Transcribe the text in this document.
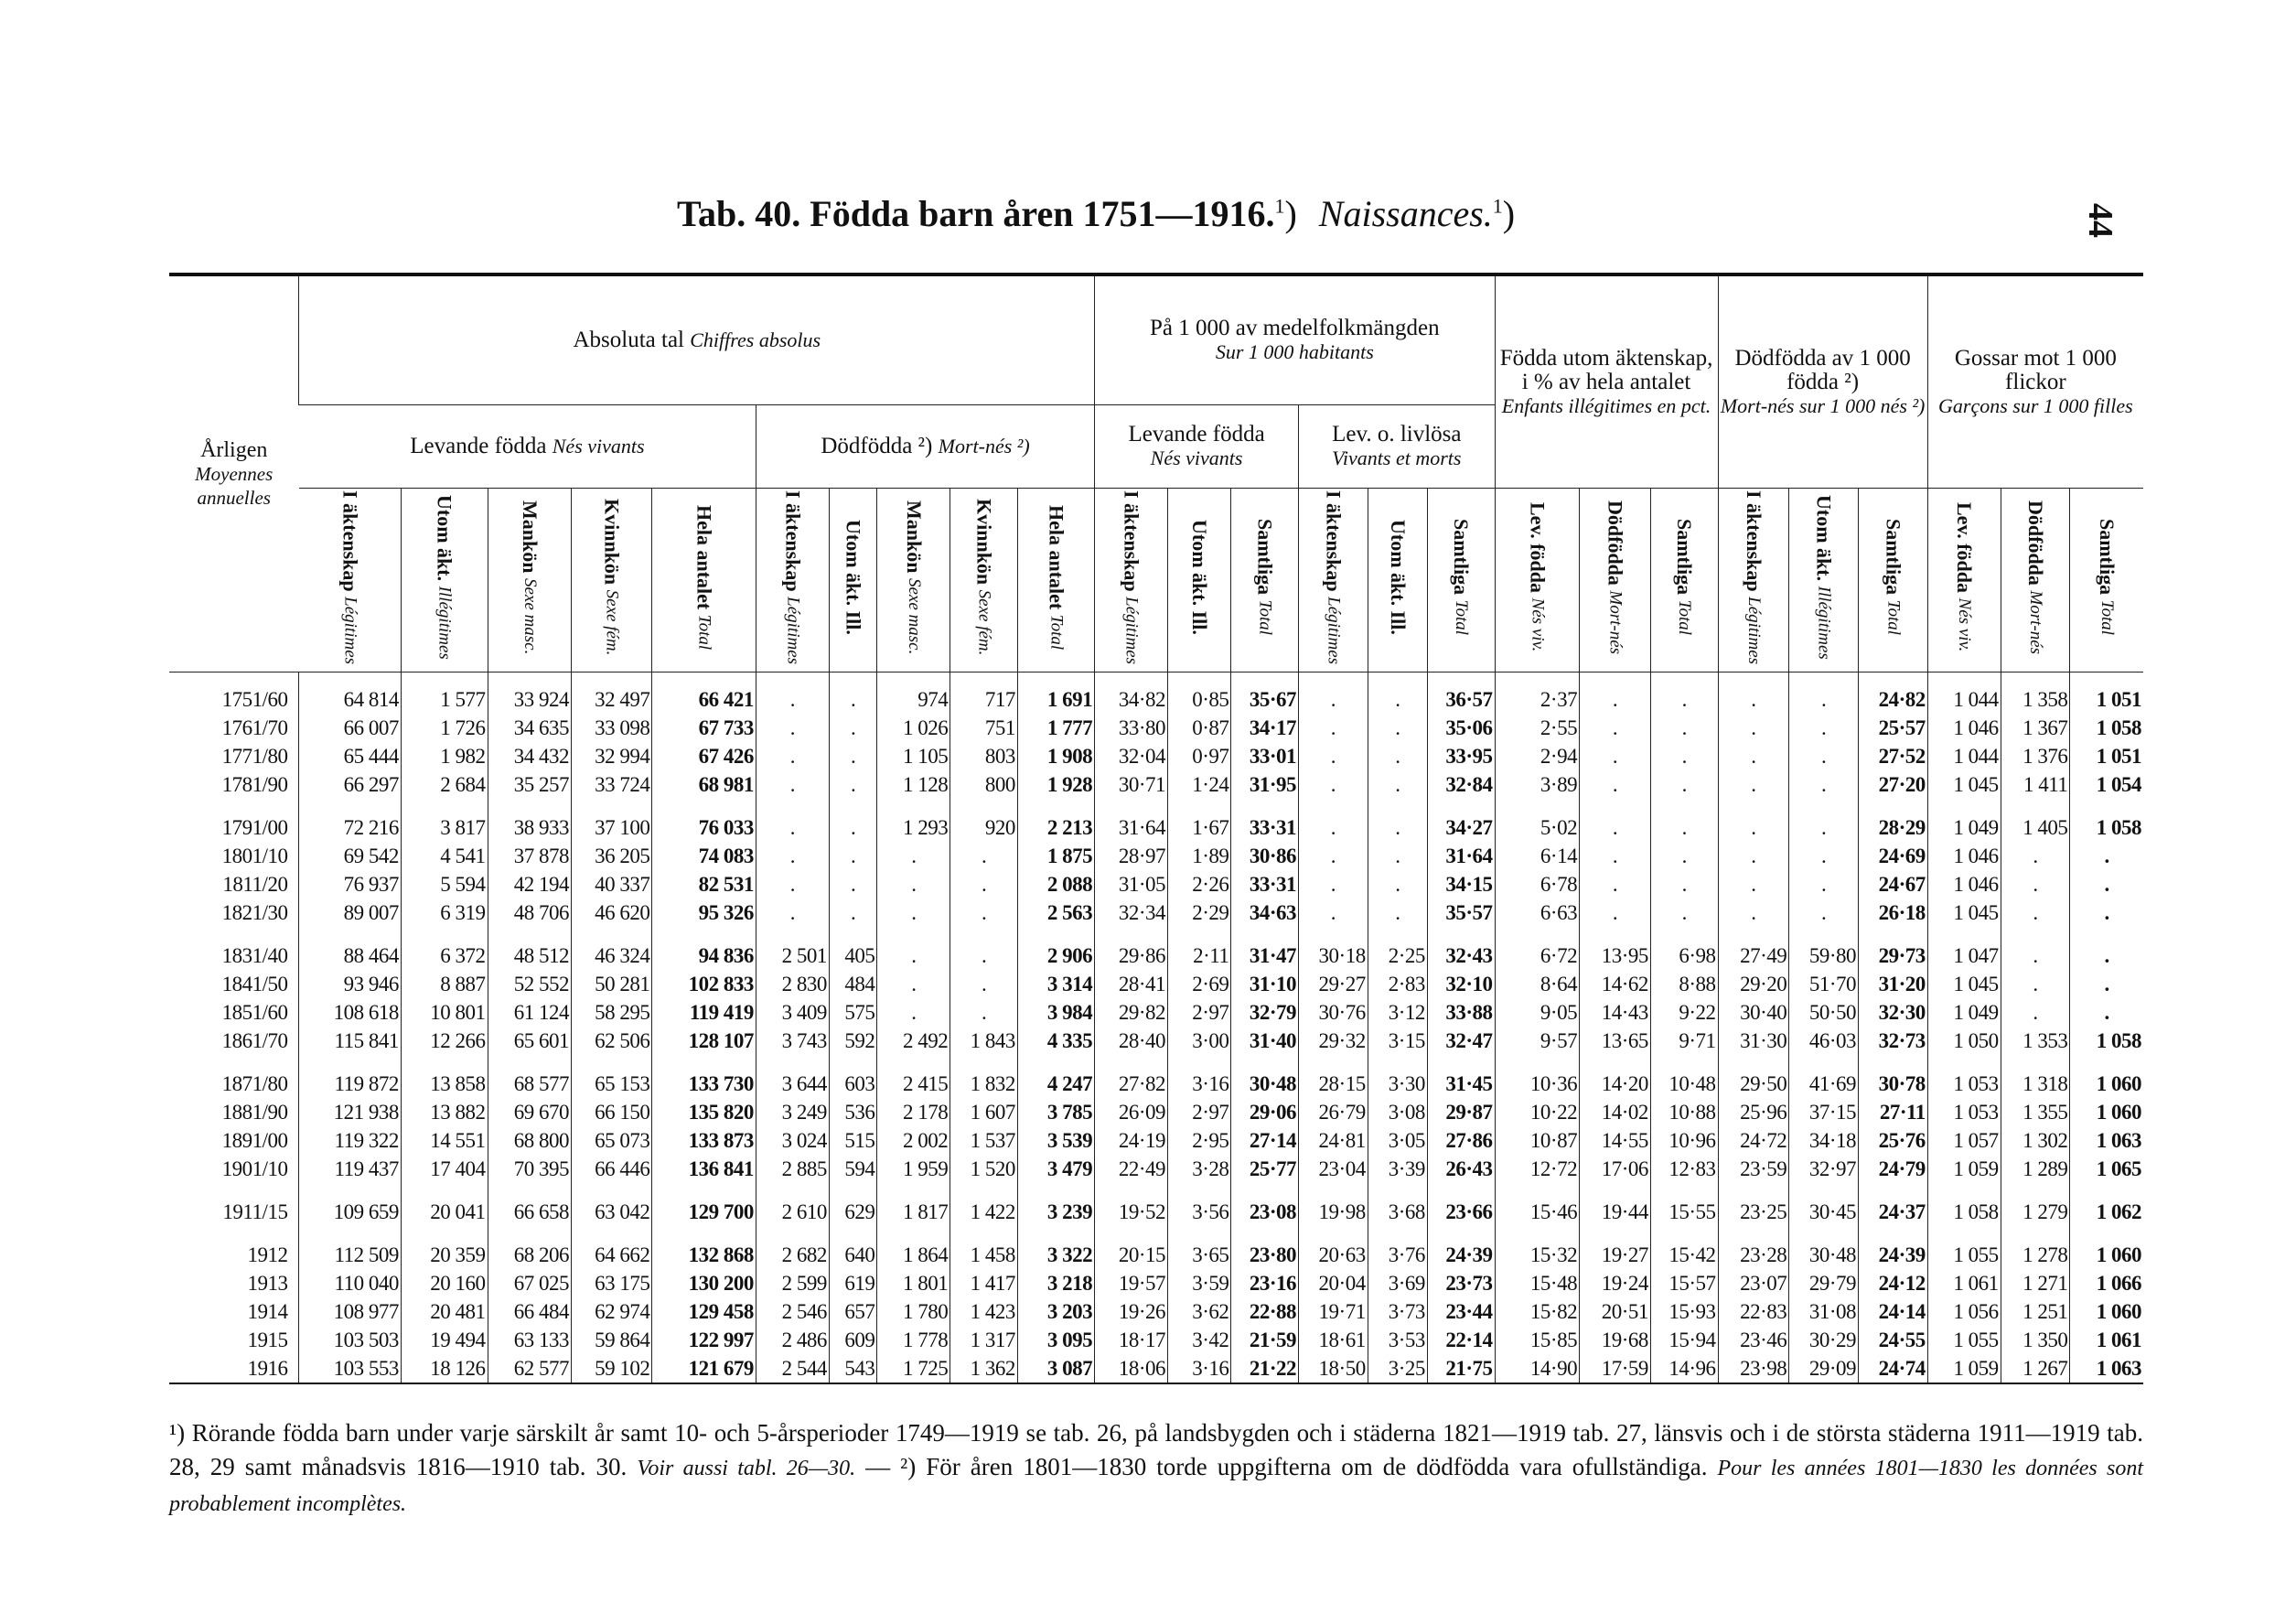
44
Tab. 40. Födda barn åren 1751—1916.$^1$) Naissances.$^1$)
Årligen
Moyennes annuelles	Absoluta tal Chiffres absolus										På 1 000 av medelfolkmängden
Sur 1 000 habitants						Födda utom äktenskap, i % av hela antalet
Enfants illégitimes en pct.			Dödfödda av 1 000 födda ²)
Mort-nés sur 1 000 nés ²)			Gossar mot 1 000 flickor
Garçons sur 1 000 filles		
	Levande födda Nés vivants					Dödfödda ²) Mort-nés ²)					Levande födda
Nés vivants			Lev. o. livlösa
Vivants et morts											
	I äktenskap Légitimes	Utom äkt. Illégitimes	Mankön Sexe masc.	Kvinnkön Sexe fém.	Hela antalet Total	I äktenskap Légitimes	Utom äkt. Ill.	Mankön Sexe masc.	Kvinnkön Sexe fém.	Hela antalet Total	I äktenskap Légitimes	Utom äkt. Ill.	Samtliga Total	I äktenskap Légitimes	Utom äkt. Ill.	Samtliga Total	Lev. födda Nés viv.	Dödfödda Mort-nés	Samtliga Total	I äktenskap Légitimes	Utom äkt. Illégitimes	Samtliga Total	Lev. födda Nés viv.	Dödfödda Mort-nés	Samtliga Total
1751/60	64 814	1 577	33 924	32 497	66 421	.	.	974	717	1 691	34·82	0·85	35·67	.	.	36·57	2·37	.	.	.	.	24·82	1 044	1 358	1 051
1761/70	66 007	1 726	34 635	33 098	67 733	.	.	1 026	751	1 777	33·80	0·87	34·17	.	.	35·06	2·55	.	.	.	.	25·57	1 046	1 367	1 058
1771/80	65 444	1 982	34 432	32 994	67 426	.	.	1 105	803	1 908	32·04	0·97	33·01	.	.	33·95	2·94	.	.	.	.	27·52	1 044	1 376	1 051
1781/90	66 297	2 684	35 257	33 724	68 981	.	.	1 128	800	1 928	30·71	1·24	31·95	.	.	32·84	3·89	.	.	.	.	27·20	1 045	1 411	1 054
1791/00	72 216	3 817	38 933	37 100	76 033	.	.	1 293	920	2 213	31·64	1·67	33·31	.	.	34·27	5·02	.	.	.	.	28·29	1 049	1 405	1 058
1801/10	69 542	4 541	37 878	36 205	74 083	.	.	.	.	1 875	28·97	1·89	30·86	.	.	31·64	6·14	.	.	.	.	24·69	1 046	.	.
1811/20	76 937	5 594	42 194	40 337	82 531	.	.	.	.	2 088	31·05	2·26	33·31	.	.	34·15	6·78	.	.	.	.	24·67	1 046	.	.
1821/30	89 007	6 319	48 706	46 620	95 326	.	.	.	.	2 563	32·34	2·29	34·63	.	.	35·57	6·63	.	.	.	.	26·18	1 045	.	.
1831/40	88 464	6 372	48 512	46 324	94 836	2 501	405	.	.	2 906	29·86	2·11	31·47	30·18	2·25	32·43	6·72	13·95	6·98	27·49	59·80	29·73	1 047	.	.
1841/50	93 946	8 887	52 552	50 281	102 833	2 830	484	.	.	3 314	28·41	2·69	31·10	29·27	2·83	32·10	8·64	14·62	8·88	29·20	51·70	31·20	1 045	.	.
1851/60	108 618	10 801	61 124	58 295	119 419	3 409	575	.	.	3 984	29·82	2·97	32·79	30·76	3·12	33·88	9·05	14·43	9·22	30·40	50·50	32·30	1 049	.	.
1861/70	115 841	12 266	65 601	62 506	128 107	3 743	592	2 492	1 843	4 335	28·40	3·00	31·40	29·32	3·15	32·47	9·57	13·65	9·71	31·30	46·03	32·73	1 050	1 353	1 058
1871/80	119 872	13 858	68 577	65 153	133 730	3 644	603	2 415	1 832	4 247	27·82	3·16	30·48	28·15	3·30	31·45	10·36	14·20	10·48	29·50	41·69	30·78	1 053	1 318	1 060
1881/90	121 938	13 882	69 670	66 150	135 820	3 249	536	2 178	1 607	3 785	26·09	2·97	29·06	26·79	3·08	29·87	10·22	14·02	10·88	25·96	37·15	27·11	1 053	1 355	1 060
1891/00	119 322	14 551	68 800	65 073	133 873	3 024	515	2 002	1 537	3 539	24·19	2·95	27·14	24·81	3·05	27·86	10·87	14·55	10·96	24·72	34·18	25·76	1 057	1 302	1 063
1901/10	119 437	17 404	70 395	66 446	136 841	2 885	594	1 959	1 520	3 479	22·49	3·28	25·77	23·04	3·39	26·43	12·72	17·06	12·83	23·59	32·97	24·79	1 059	1 289	1 065
1911/15	109 659	20 041	66 658	63 042	129 700	2 610	629	1 817	1 422	3 239	19·52	3·56	23·08	19·98	3·68	23·66	15·46	19·44	15·55	23·25	30·45	24·37	1 058	1 279	1 062
1912	112 509	20 359	68 206	64 662	132 868	2 682	640	1 864	1 458	3 322	20·15	3·65	23·80	20·63	3·76	24·39	15·32	19·27	15·42	23·28	30·48	24·39	1 055	1 278	1 060
1913	110 040	20 160	67 025	63 175	130 200	2 599	619	1 801	1 417	3 218	19·57	3·59	23·16	20·04	3·69	23·73	15·48	19·24	15·57	23·07	29·79	24·12	1 061	1 271	1 066
1914	108 977	20 481	66 484	62 974	129 458	2 546	657	1 780	1 423	3 203	19·26	3·62	22·88	19·71	3·73	23·44	15·82	20·51	15·93	22·83	31·08	24·14	1 056	1 251	1 060
1915	103 503	19 494	63 133	59 864	122 997	2 486	609	1 778	1 317	3 095	18·17	3·42	21·59	18·61	3·53	22·14	15·85	19·68	15·94	23·46	30·29	24·55	1 055	1 350	1 061
1916	103 553	18 126	62 577	59 102	121 679	2 544	543	1 725	1 362	3 087	18·06	3·16	21·22	18·50	3·25	21·75	14·90	17·59	14·96	23·98	29·09	24·74	1 059	1 267	1 063
¹) Rörande födda barn under varje särskilt år samt 10- och 5-årsperioder 1749—1919 se tab. 26, på landsbygden och i städerna 1821—1919 tab. 27, länsvis och i de största städerna 1911—1919 tab. 28, 29 samt månadsvis 1816—1910 tab. 30. Voir aussi tabl. 26—30. — ²) För åren 1801—1830 torde uppgifterna om de dödfödda vara ofullständiga. Pour les années 1801—1830 les données sont probablement incomplètes.
